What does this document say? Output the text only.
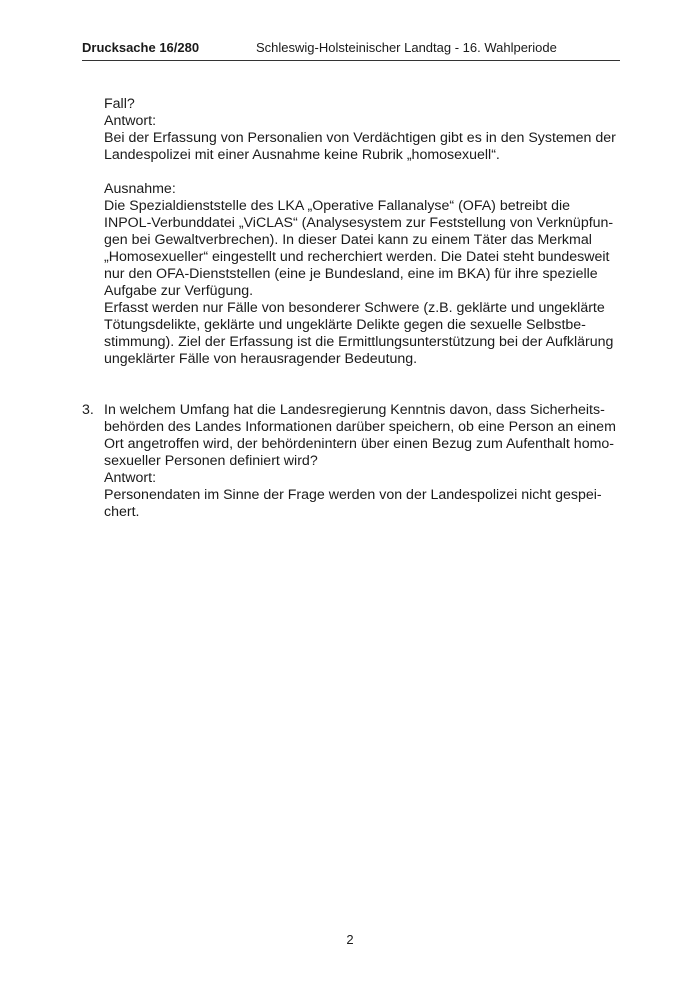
Drucksache 16/280	Schleswig-Holsteinischer Landtag - 16. Wahlperiode
Fall?
Antwort:
Bei der Erfassung von Personalien von Verdächtigen gibt es in den Systemen der
Landespolizei mit einer Ausnahme keine Rubrik „homosexuell“.
Ausnahme:
Die Spezialdienststelle des LKA „Operative Fallanalyse“ (OFA) betreibt die
INPOL-Verbunddatei „ViCLAS“ (Analysesystem zur Feststellung von Verknüpfun-
gen bei Gewaltverbrechen). In dieser Datei kann zu einem Täter das Merkmal
„Homosexueller“ eingestellt und recherchiert werden. Die Datei steht bundesweit
nur den OFA-Dienststellen (eine je Bundesland, eine im BKA) für ihre spezielle
Aufgabe zur Verfügung.
Erfasst werden nur Fälle von besonderer Schwere (z.B. geklärte und ungeklärte
Tötungsdelikte, geklärte und ungeklärte Delikte gegen die sexuelle Selbstbe-
stimmung). Ziel der Erfassung ist die Ermittlungsunterstützung bei der Aufklärung
ungeklärter Fälle von herausragender Bedeutung.
3. In welchem Umfang hat die Landesregierung Kenntnis davon, dass Sicherheits-
behörden des Landes Informationen darüber speichern, ob eine Person an einem
Ort angetroffen wird, der behördenintern über einen Bezug zum Aufenthalt homo-
sexueller Personen definiert wird?
Antwort:
Personendaten im Sinne der Frage werden von der Landespolizei nicht gespei-
chert.
2
